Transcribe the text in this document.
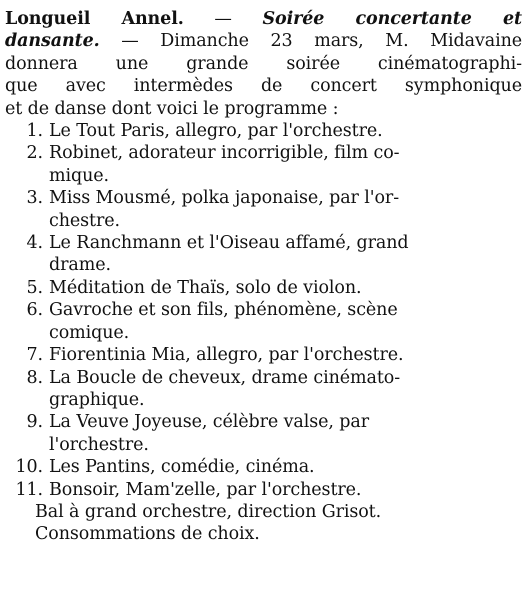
Longueil Annel. — Soirée concertante et
dansante. — Dimanche 23 mars, M. Midavaine
donnera une grande soirée cinématographi-
que avec intermèdes de concert symphonique
et de danse dont voici le programme :
1. Le Tout Paris, allegro, par l'orchestre.
2. Robinet, adorateur incorrigible, film co-
mique.
3. Miss Mousmé, polka japonaise, par l'or-
chestre.
4. Le Ranchmann et l'Oiseau affamé, grand
drame.
5. Méditation de Thaïs, solo de violon.
6. Gavroche et son fils, phénomène, scène
comique.
7. Fiorentinia Mia, allegro, par l'orchestre.
8. La Boucle de cheveux, drame cinémato-
graphique.
9. La Veuve Joyeuse, célèbre valse, par
l'orchestre.
10. Les Pantins, comédie, cinéma.
11. Bonsoir, Mam'zelle, par l'orchestre.
Bal à grand orchestre, direction Grisot.
Consommations de choix.
